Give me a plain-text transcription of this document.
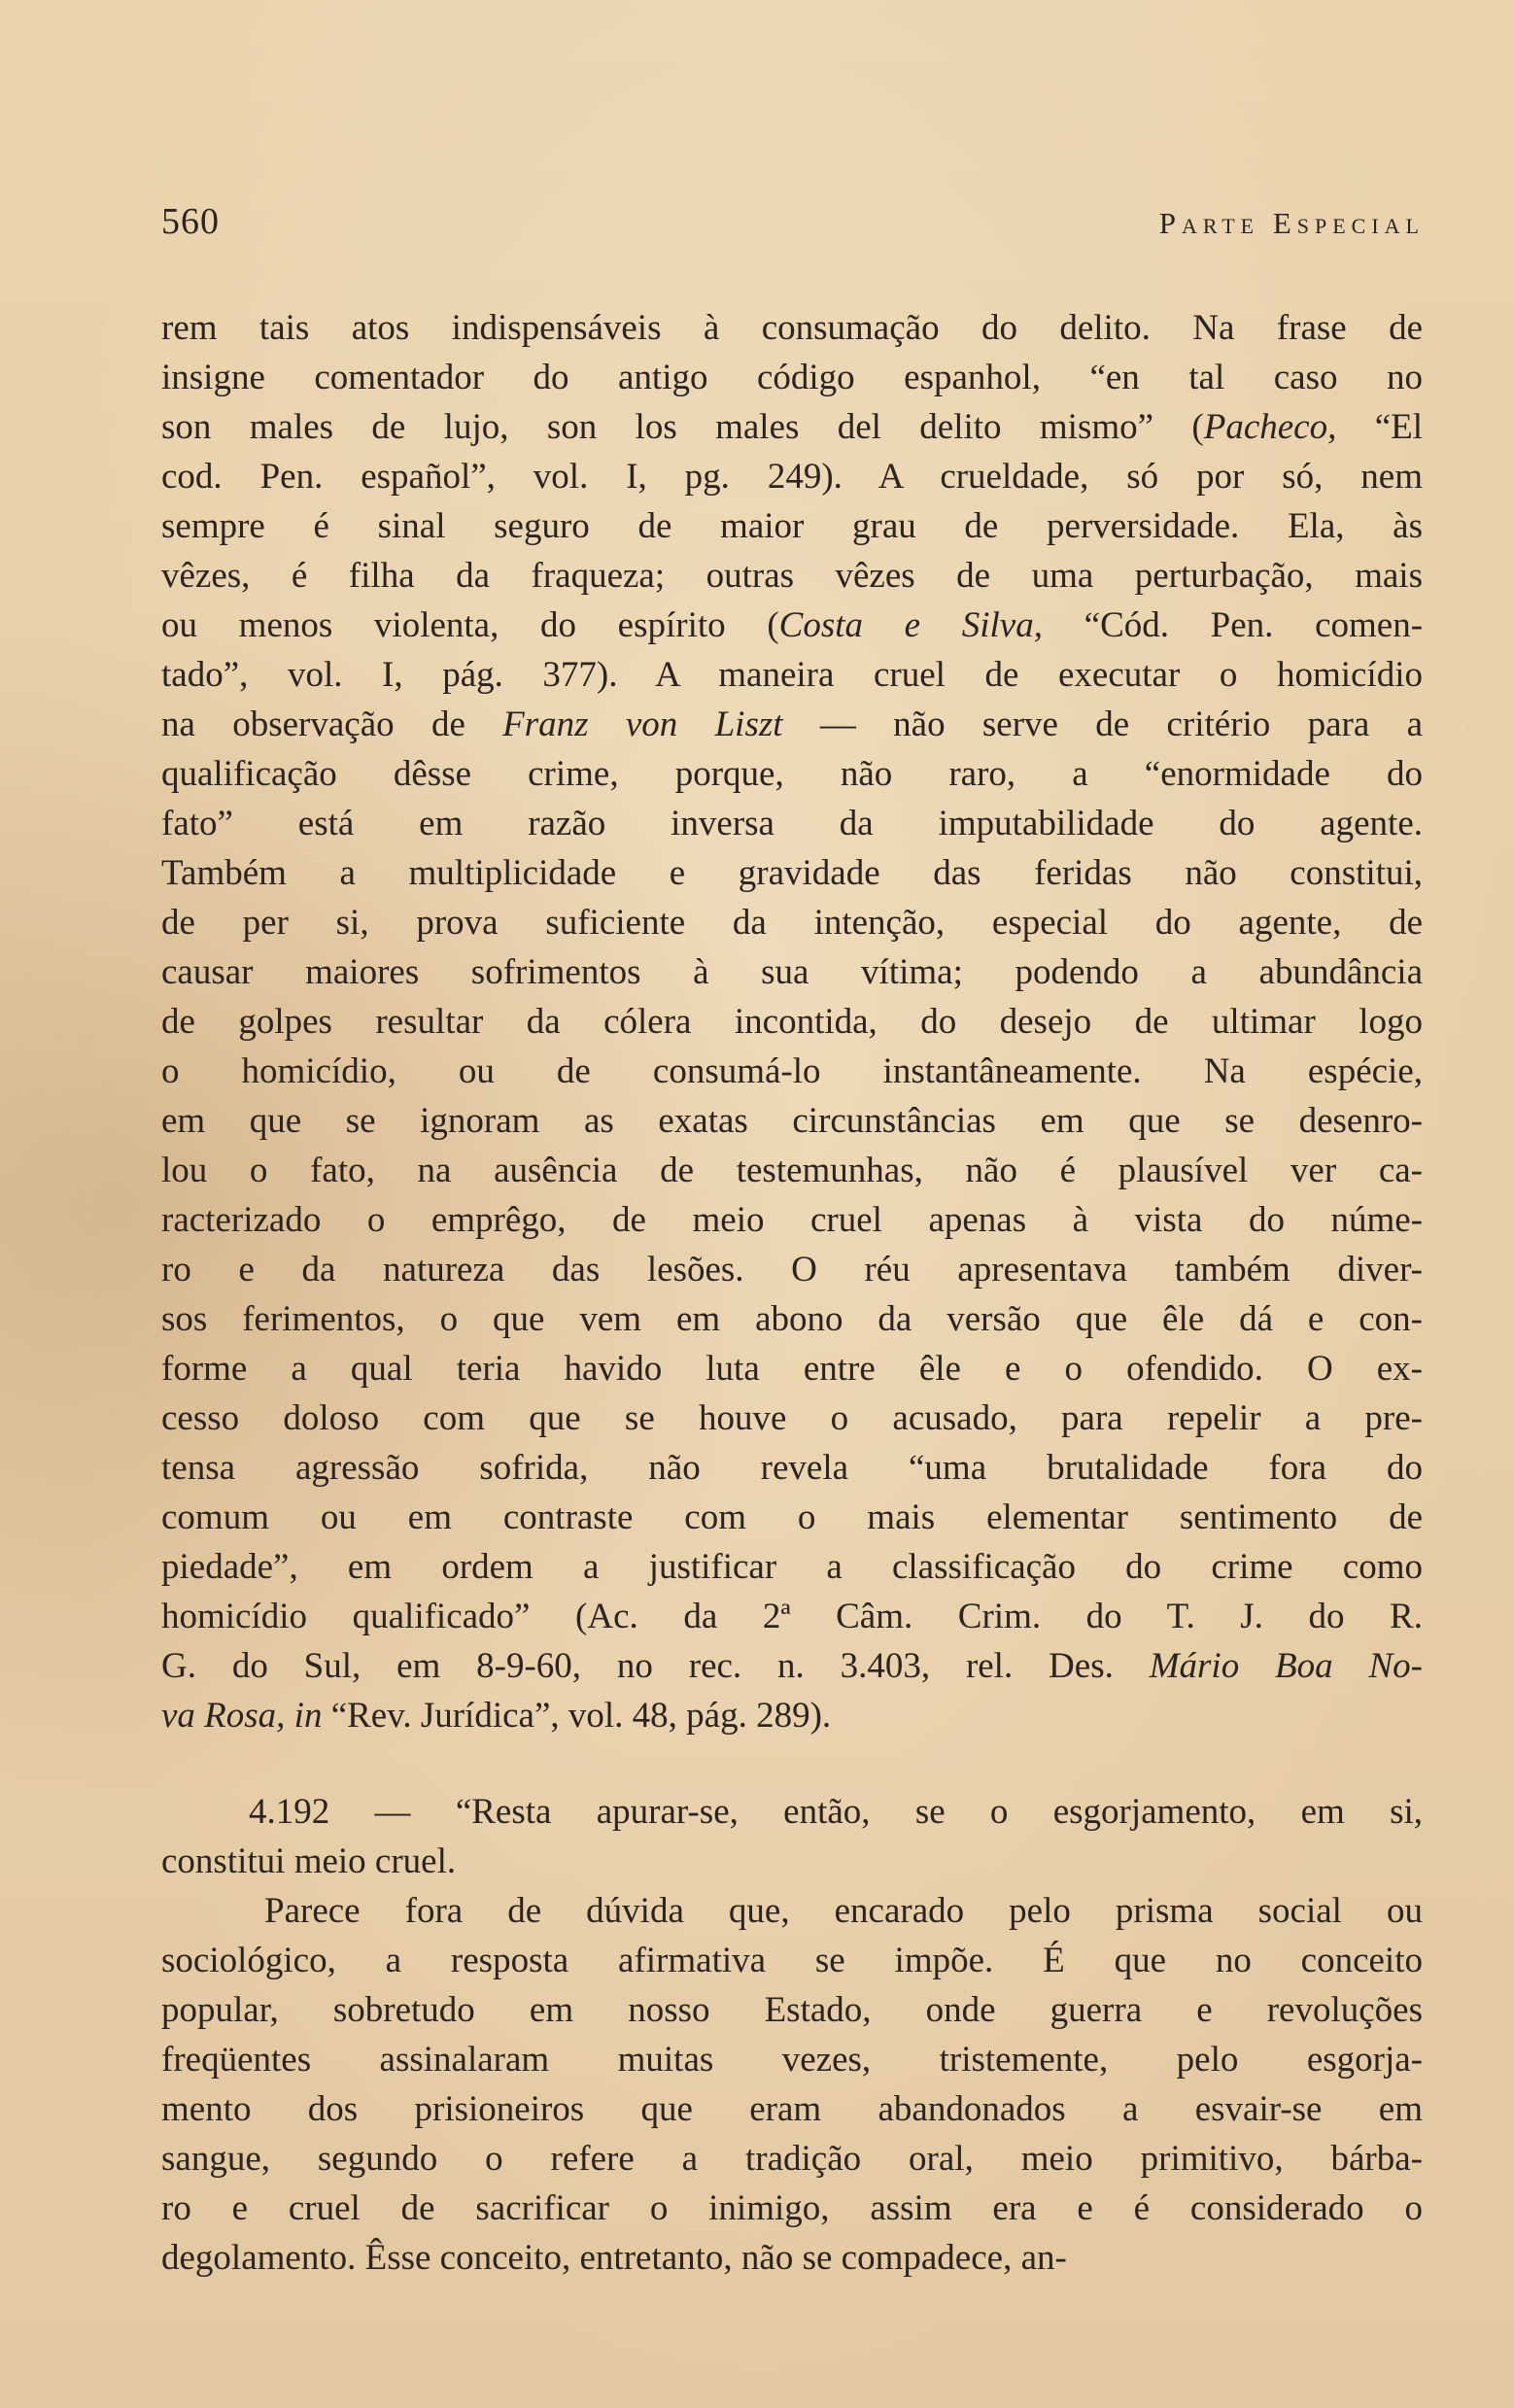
560	Parte Especial
rem tais atos indispensáveis à consumação do delito. Na frase de
insigne comentador do antigo código espanhol, “en tal caso no
son males de lujo, son los males del delito mismo” (Pacheco, “El
cod. Pen. español”, vol. I, pg. 249). A crueldade, só por só, nem
sempre é sinal seguro de maior grau de perversidade. Ela, às
vêzes, é filha da fraqueza; outras vêzes de uma perturbação, mais
ou menos violenta, do espírito (Costa e Silva, “Cód. Pen. comen-
tado”, vol. I, pág. 377). A maneira cruel de executar o homicídio
na observação de Franz von Liszt — não serve de critério para a
qualificação dêsse crime, porque, não raro, a “enormidade do
fato” está em razão inversa da imputabilidade do agente.
Também a multiplicidade e gravidade das feridas não constitui,
de per si, prova suficiente da intenção, especial do agente, de
causar maiores sofrimentos à sua vítima; podendo a abundância
de golpes resultar da cólera incontida, do desejo de ultimar logo
o homicídio, ou de consumá-lo instantâneamente. Na espécie,
em que se ignoram as exatas circunstâncias em que se desenro-
lou o fato, na ausência de testemunhas, não é plausível ver ca-
racterizado o emprêgo, de meio cruel apenas à vista do núme-
ro e da natureza das lesões. O réu apresentava também diver-
sos ferimentos, o que vem em abono da versão que êle dá e con-
forme a qual teria havido luta entre êle e o ofendido. O ex-
cesso doloso com que se houve o acusado, para repelir a pre-
tensa agressão sofrida, não revela “uma brutalidade fora do
comum ou em contraste com o mais elementar sentimento de
piedade”, em ordem a justificar a classificação do crime como
homicídio qualificado” (Ac. da 2ª Câm. Crim. do T. J. do R.
G. do Sul, em 8-9-60, no rec. n. 3.403, rel. Des. Mário Boa No-
va Rosa, in “Rev. Jurídica”, vol. 48, pág. 289).
4.192 — “Resta apurar-se, então, se o esgorjamento, em si,
constitui meio cruel.
Parece fora de dúvida que, encarado pelo prisma social ou
sociológico, a resposta afirmativa se impõe. É que no conceito
popular, sobretudo em nosso Estado, onde guerra e revoluções
freqüentes assinalaram muitas vezes, tristemente, pelo esgorja-
mento dos prisioneiros que eram abandonados a esvair-se em
sangue, segundo o refere a tradição oral, meio primitivo, bárba-
ro e cruel de sacrificar o inimigo, assim era e é considerado o
degolamento. Êsse conceito, entretanto, não se compadece, an-
